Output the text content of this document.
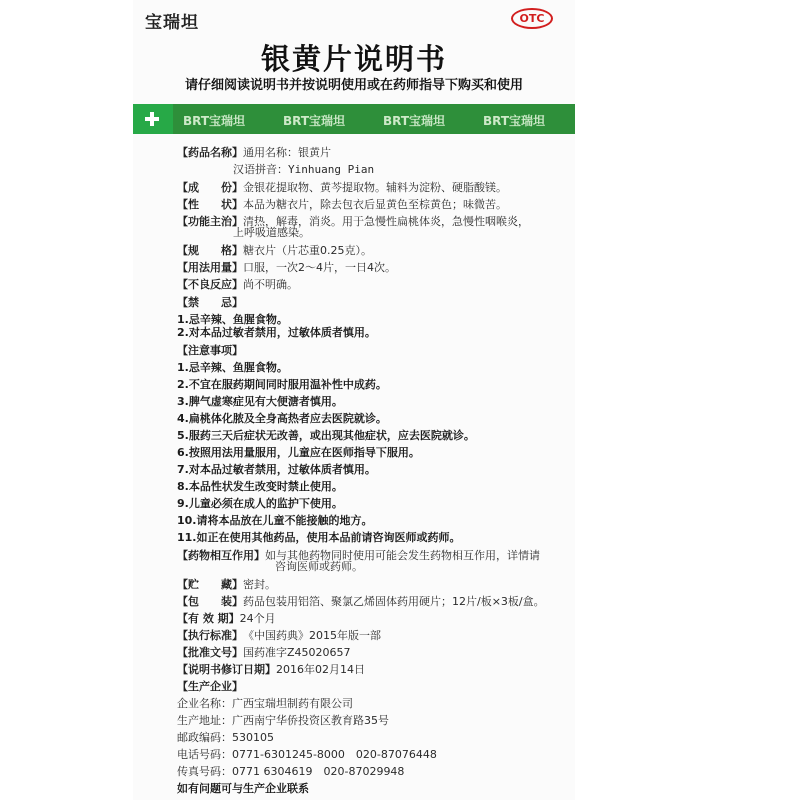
宝瑞坦	OTC
银黄片说明书
请仔细阅读说明书并按说明使用或在药师指导下购买和使用
BRT宝瑞坦	BRT宝瑞坦	BRT宝瑞坦	BRT宝瑞坦
【药品名称】通用名称：银黄片
汉语拼音：Yinhuang Pian
【成　　份】金银花提取物、黄芩提取物。辅料为淀粉、硬脂酸镁。
【性　　状】本品为糖衣片，除去包衣后显黄色至棕黄色；味微苦。
【功能主治】清热，解毒，消炎。用于急慢性扁桃体炎，急慢性咽喉炎，
上呼吸道感染。
【规　　格】糖衣片（片芯重0.25克）。
【用法用量】口服，一次2～4片，一日4次。
【不良反应】尚不明确。
【禁　　忌】
1.忌辛辣、鱼腥食物。
2.对本品过敏者禁用，过敏体质者慎用。
【注意事项】
1.忌辛辣、鱼腥食物。
2.不宜在服药期间同时服用温补性中成药。
3.脾气虚寒症见有大便溏者慎用。
4.扁桃体化脓及全身高热者应去医院就诊。
5.服药三天后症状无改善，或出现其他症状，应去医院就诊。
6.按照用法用量服用，儿童应在医师指导下服用。
7.对本品过敏者禁用，过敏体质者慎用。
8.本品性状发生改变时禁止使用。
9.儿童必须在成人的监护下使用。
10.请将本品放在儿童不能接触的地方。
11.如正在使用其他药品，使用本品前请咨询医师或药师。
【药物相互作用】如与其他药物同时使用可能会发生药物相互作用，详情请
咨询医师或药师。
【贮　　藏】密封。
【包　　装】药品包装用铝箔、聚氯乙烯固体药用硬片；12片/板×3板/盒。
【有 效 期】24个月
【执行标准】《中国药典》2015年版一部
【批准文号】国药准字Z45020657
【说明书修订日期】2016年02月14日
【生产企业】
企业名称：广西宝瑞坦制药有限公司
生产地址：广西南宁华侨投资区教育路35号
邮政编码：530105
电话号码：0771-6301245-8000　020-87076448
传真号码：0771 6304619　020-87029948
如有问题可与生产企业联系
